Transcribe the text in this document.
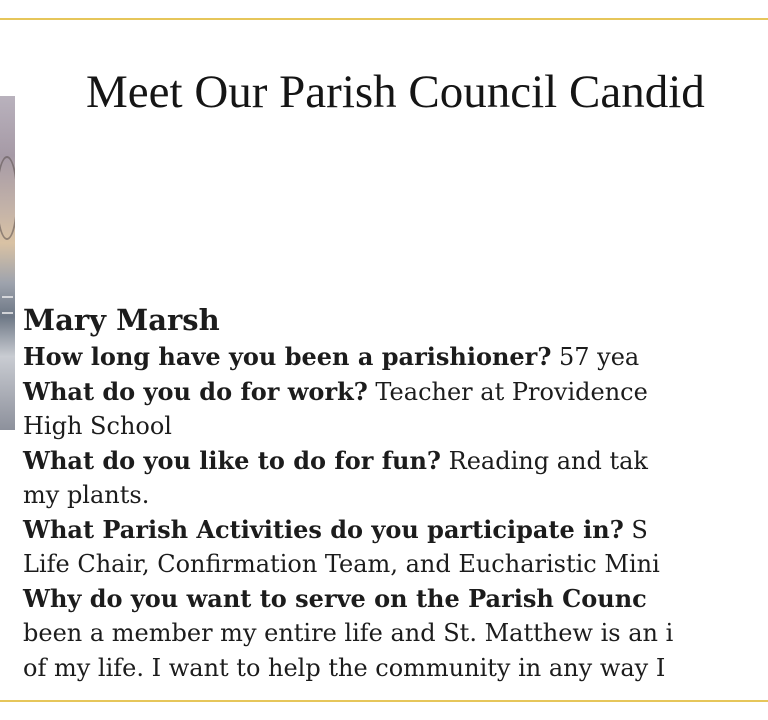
Meet Our Parish Council Candid

Mary Marsh

How long have you been a parishioner? 57 yea
What do you do for work? Teacher at Providence
High School
What do you like to do for fun? Reading and tak
my plants.
What Parish Activities do you participate in? S
Life Chair, Confirmation Team, and Eucharistic Mini
Why do you want to serve on the Parish Counc
been a member my entire life and St. Matthew is an i
of my life. I want to help the community in any way I
